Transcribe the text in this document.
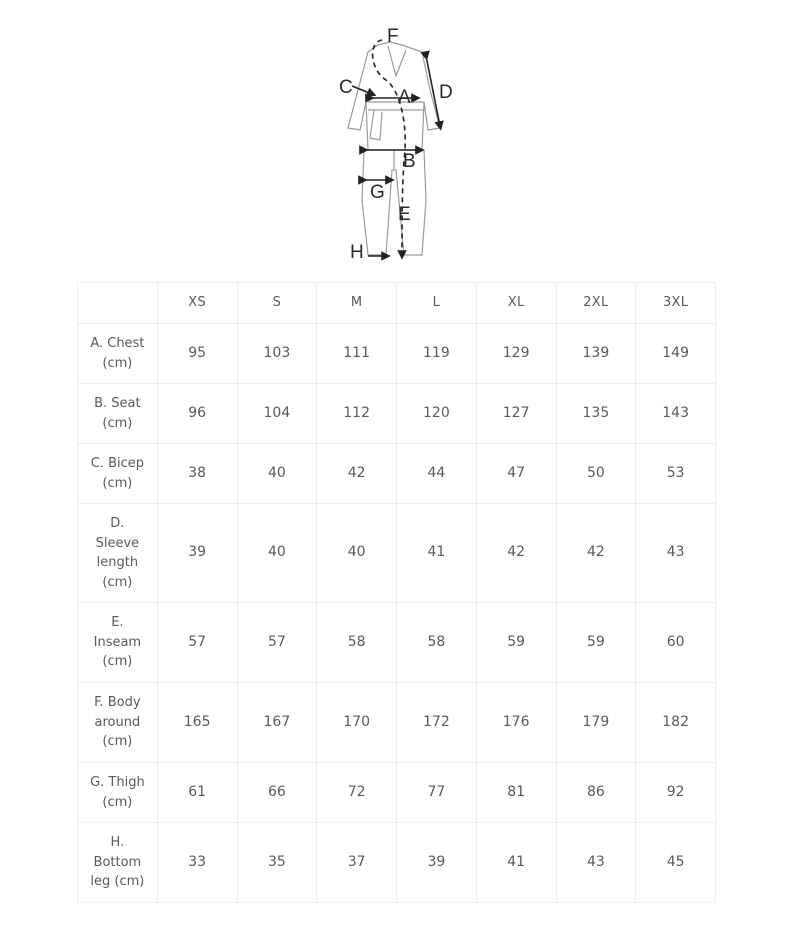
F
C A D
B
G
E
H
	XS	S	M	L	XL	2XL	3XL

A. Chest
(cm)	95	103	111	119	129	139	149

B. Seat
(cm)	96	104	112	120	127	135	143

C. Bicep
(cm)	38	40	42	44	47	50	53

D.
Sleeve
length
(cm)	39	40	40	41	42	42	43

E.
Inseam
(cm)	57	57	58	58	59	59	60

F. Body
around
(cm)	165	167	170	172	176	179	182

G. Thigh
(cm)	61	66	72	77	81	86	92

H.
Bottom
leg (cm)	33	35	37	39	41	43	45
